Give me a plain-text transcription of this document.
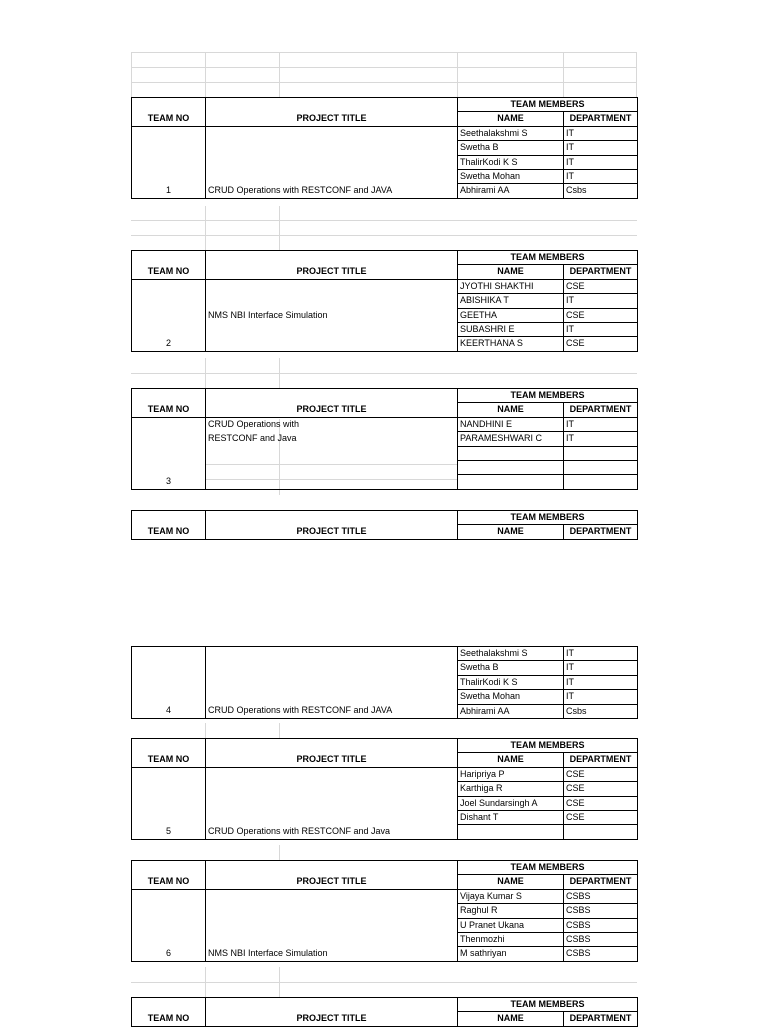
		TEAM MEMBERS	
TEAM NO	PROJECT TITLE	NAME	DEPARTMENT
		Seethalakshmi S	IT
		Swetha B	IT
		ThalirKodi K S	IT
		Swetha Mohan	IT
1	CRUD Operations with RESTCONF and JAVA	Abhirami AA	Csbs
		TEAM MEMBERS	
TEAM NO	PROJECT TITLE	NAME	DEPARTMENT
		JYOTHI SHAKTHI	CSE
		ABISHIKA T	IT
	NMS NBI Interface Simulation	GEETHA	CSE
		SUBASHRI E	IT
2		KEERTHANA S	CSE
		TEAM MEMBERS	
TEAM NO	PROJECT TITLE	NAME	DEPARTMENT
	CRUD Operations with	NANDHINI E	IT
	RESTCONF and Java	PARAMESHWARI C	IT

3			
		TEAM MEMBERS	
TEAM NO	PROJECT TITLE	NAME	DEPARTMENT
		Seethalakshmi S	IT
		Swetha B	IT
		ThalirKodi K S	IT
		Swetha Mohan	IT
4	CRUD Operations with RESTCONF and JAVA	Abhirami AA	Csbs
		TEAM MEMBERS	
TEAM NO	PROJECT TITLE	NAME	DEPARTMENT
		Haripriya P	CSE
		Karthiga R	CSE
		Joel Sundarsingh A	CSE
		Dishant T	CSE
5	CRUD Operations with RESTCONF and Java		
		TEAM MEMBERS	
TEAM NO	PROJECT TITLE	NAME	DEPARTMENT
		Vijaya Kumar S	CSBS
		Raghul R	CSBS
		U Pranet Ukana	CSBS
		Thenmozhi	CSBS
6	NMS NBI Interface Simulation	M sathriyan	CSBS
		TEAM MEMBERS	
TEAM NO	PROJECT TITLE	NAME	DEPARTMENT
